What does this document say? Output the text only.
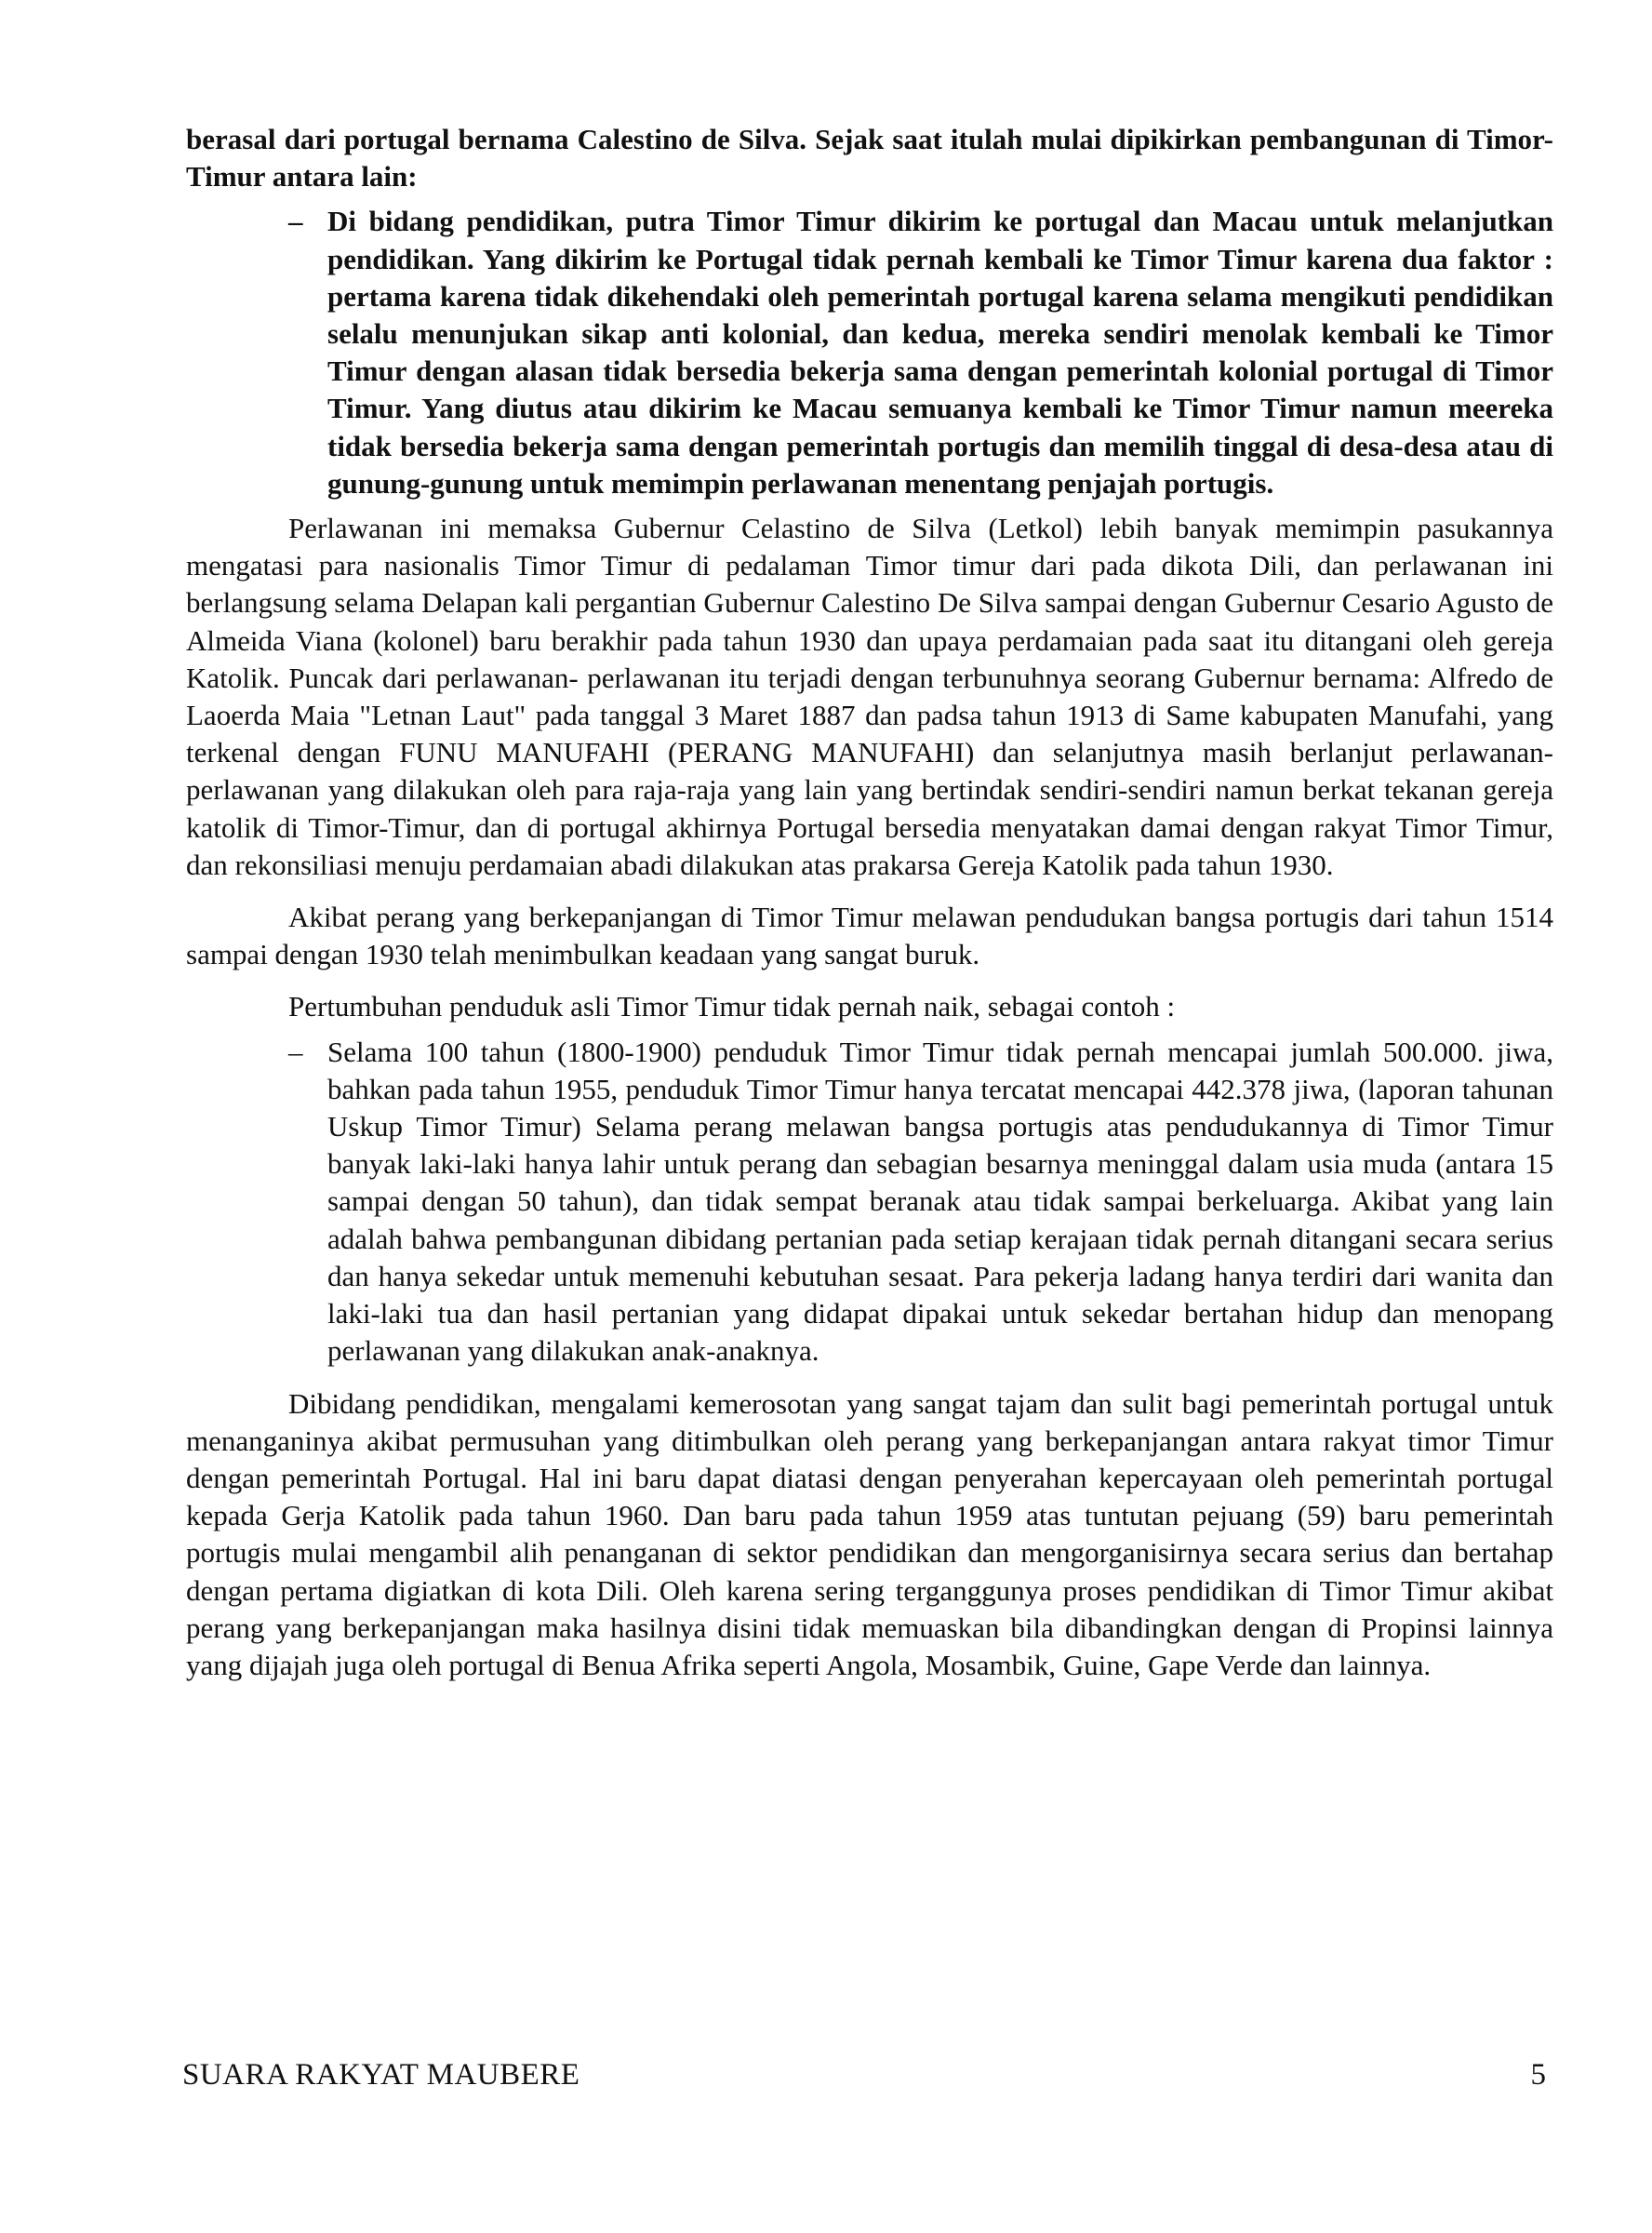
berasal dari portugal bernama Calestino de Silva. Sejak saat itulah mulai dipikirkan pembangunan di Timor-Timur antara lain:

– Di bidang pendidikan, putra Timor Timur dikirim ke portugal dan Macau untuk melanjutkan pendidikan. Yang dikirim ke Portugal tidak pernah kembali ke Timor Timur karena dua faktor : pertama karena tidak dikehendaki oleh pemerintah portugal karena selama mengikuti pendidikan selalu menunjukan sikap anti kolonial, dan kedua, mereka sendiri menolak kembali ke Timor Timur dengan alasan tidak bersedia bekerja sama dengan pemerintah kolonial portugal di Timor Timur. Yang diutus atau dikirim ke Macau semuanya kembali ke Timor Timur namun meereka tidak bersedia bekerja sama dengan pemerintah portugis dan memilih tinggal di desa-desa atau di gunung-gunung untuk memimpin perlawanan menentang penjajah portugis.

Perlawanan ini memaksa Gubernur Celastino de Silva (Letkol) lebih banyak memimpin pasukannya mengatasi para nasionalis Timor Timur di pedalaman Timor timur dari pada dikota Dili, dan perlawanan ini berlangsung selama Delapan kali pergantian Gubernur Calestino De Silva sampai dengan Gubernur Cesario Agusto de Almeida Viana (kolonel) baru berakhir pada tahun 1930 dan upaya perdamaian pada saat itu ditangani oleh gereja Katolik. Puncak dari perlawanan- perlawanan itu terjadi dengan terbunuhnya seorang Gubernur bernama: Alfredo de Laoerda Maia "Letnan Laut" pada tanggal 3 Maret 1887 dan padsa tahun 1913 di Same kabupaten Manufahi, yang terkenal dengan FUNU MANUFAHI (PERANG MANUFAHI) dan selanjutnya masih berlanjut perlawanan- perlawanan yang dilakukan oleh para raja-raja yang lain yang bertindak sendiri-sendiri namun berkat tekanan gereja katolik di Timor-Timur, dan di portugal akhirnya Portugal bersedia menyatakan damai dengan rakyat Timor Timur, dan rekonsiliasi menuju perdamaian abadi dilakukan atas prakarsa Gereja Katolik pada tahun 1930.

Akibat perang yang berkepanjangan di Timor Timur melawan pendudukan bangsa portugis dari tahun 1514 sampai dengan 1930 telah menimbulkan keadaan yang sangat buruk.

Pertumbuhan penduduk asli Timor Timur tidak pernah naik, sebagai contoh :

– Selama 100 tahun (1800-1900) penduduk Timor Timur tidak pernah mencapai jumlah 500.000. jiwa, bahkan pada tahun 1955, penduduk Timor Timur hanya tercatat mencapai 442.378 jiwa, (laporan tahunan Uskup Timor Timur) Selama perang melawan bangsa portugis atas pendudukannya di Timor Timur banyak laki-laki hanya lahir untuk perang dan sebagian besarnya meninggal dalam usia muda (antara 15 sampai dengan 50 tahun), dan tidak sempat beranak atau tidak sampai berkeluarga. Akibat yang lain adalah bahwa pembangunan dibidang pertanian pada setiap kerajaan tidak pernah ditangani secara serius dan hanya sekedar untuk memenuhi kebutuhan sesaat. Para pekerja ladang hanya terdiri dari wanita dan laki-laki tua dan hasil pertanian yang didapat dipakai untuk sekedar bertahan hidup dan menopang perlawanan yang dilakukan anak-anaknya.

Dibidang pendidikan, mengalami kemerosotan yang sangat tajam dan sulit bagi pemerintah portugal untuk menanganinya akibat permusuhan yang ditimbulkan oleh perang yang berkepanjangan antara rakyat timor Timur dengan pemerintah Portugal. Hal ini baru dapat diatasi dengan penyerahan kepercayaan oleh pemerintah portugal kepada Gerja Katolik pada tahun 1960. Dan baru pada tahun 1959 atas tuntutan pejuang (59) baru pemerintah portugis mulai mengambil alih penanganan di sektor pendidikan dan mengorganisirnya secara serius dan bertahap dengan pertama digiatkan di kota Dili. Oleh karena sering terganggunya proses pendidikan di Timor Timur akibat perang yang berkepanjangan maka hasilnya disini tidak memuaskan bila dibandingkan dengan di Propinsi lainnya yang dijajah juga oleh portugal di Benua Afrika seperti Angola, Mosambik, Guine, Gape Verde dan lainnya.

SUARA RAKYAT MAUBERE	5
